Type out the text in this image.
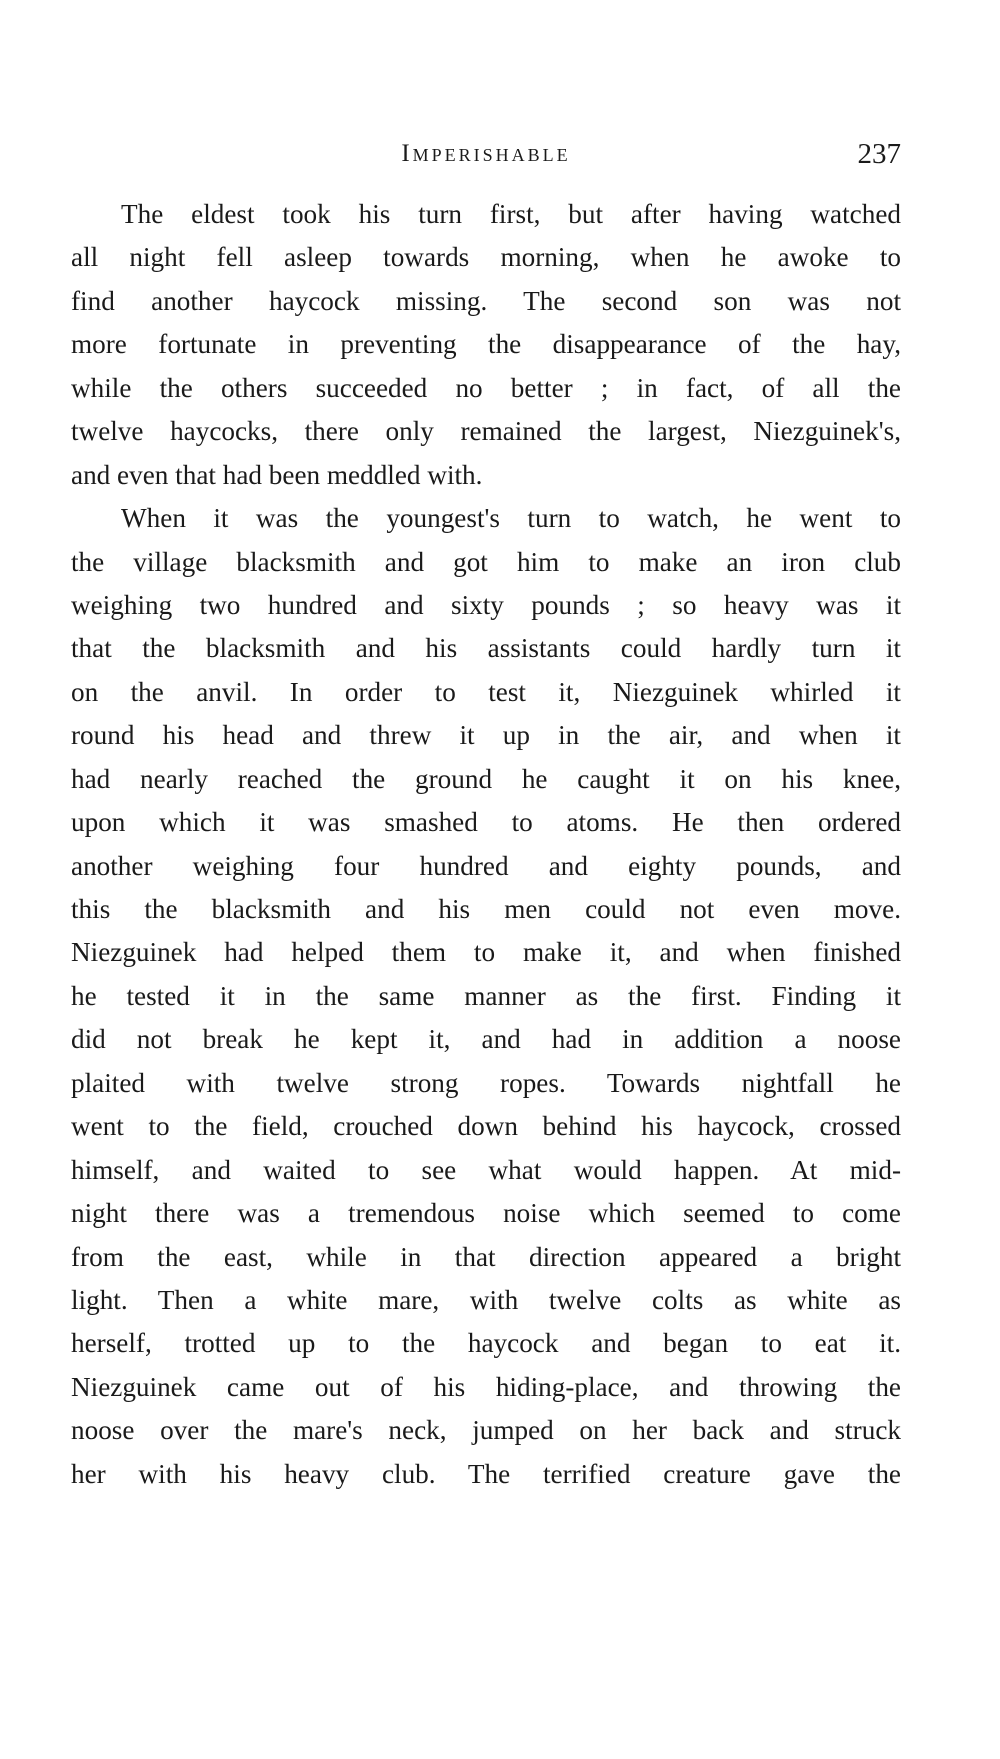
Imperishable	237
The eldest took his turn first, but after having watched
all night fell asleep towards morning, when he awoke to
find another haycock missing. The second son was not
more fortunate in preventing the disappearance of the hay,
while the others succeeded no better ; in fact, of all the
twelve haycocks, there only remained the largest, Niezguinek's,
and even that had been meddled with.
When it was the youngest's turn to watch, he went to
the village blacksmith and got him to make an iron club
weighing two hundred and sixty pounds ; so heavy was it
that the blacksmith and his assistants could hardly turn it
on the anvil. In order to test it, Niezguinek whirled it
round his head and threw it up in the air, and when it
had nearly reached the ground he caught it on his knee,
upon which it was smashed to atoms. He then ordered
another weighing four hundred and eighty pounds, and
this the blacksmith and his men could not even move.
Niezguinek had helped them to make it, and when finished
he tested it in the same manner as the first. Finding it
did not break he kept it, and had in addition a noose
plaited with twelve strong ropes. Towards nightfall he
went to the field, crouched down behind his haycock, crossed
himself, and waited to see what would happen. At mid-
night there was a tremendous noise which seemed to come
from the east, while in that direction appeared a bright
light. Then a white mare, with twelve colts as white as
herself, trotted up to the haycock and began to eat it.
Niezguinek came out of his hiding-place, and throwing the
noose over the mare's neck, jumped on her back and struck
her with his heavy club. The terrified creature gave the
